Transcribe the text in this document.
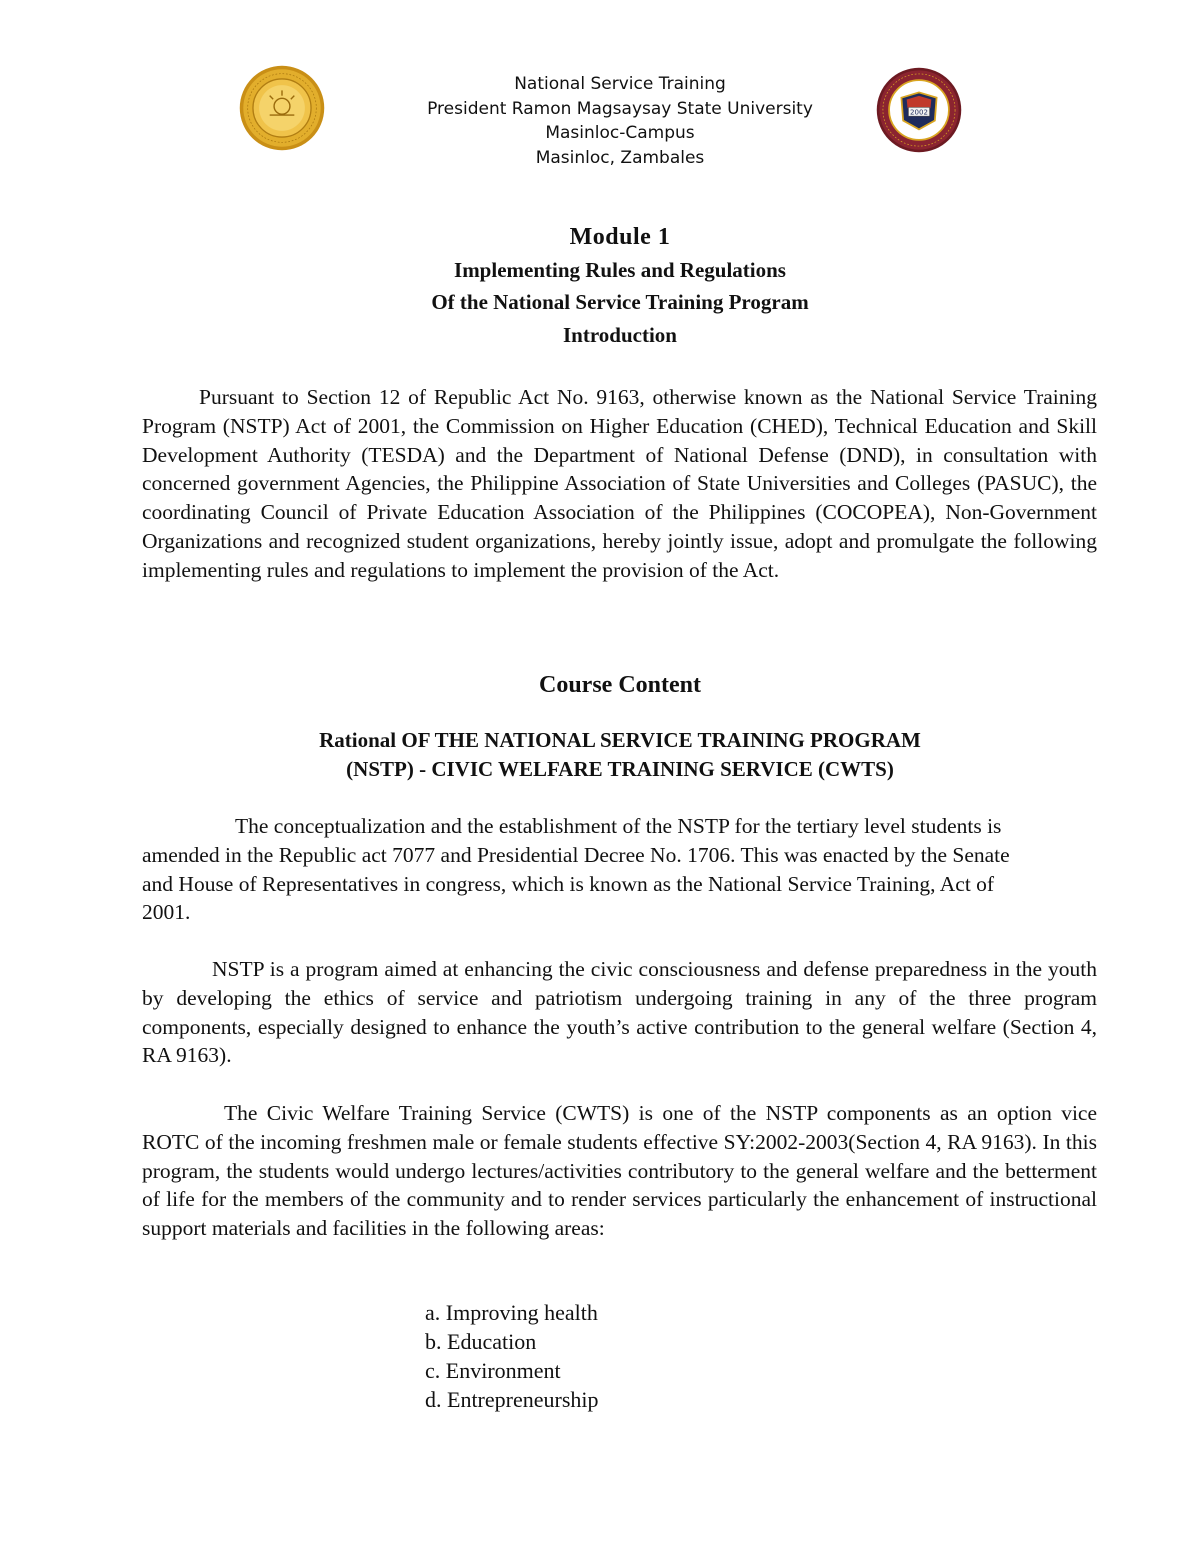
2002
National Service Training
President Ramon Magsaysay State University
Masinloc-Campus
Masinloc, Zambales
Module 1
Implementing Rules and Regulations
Of the National Service Training Program
Introduction

Pursuant to Section 12 of Republic Act No. 9163, otherwise known as the National Service Training Program (NSTP) Act of 2001, the Commission on Higher Education (CHED), Technical Education and Skill Development Authority (TESDA) and the Department of National Defense (DND), in consultation with concerned government Agencies, the Philippine Association of State Universities and Colleges (PASUC), the coordinating Council of Private Education Association of the Philippines (COCOPEA), Non-Government Organizations and recognized student organizations, hereby jointly issue, adopt and promulgate the following implementing rules and regulations to implement the provision of the Act.

Course Content
Rational OF THE NATIONAL SERVICE TRAINING PROGRAM
(NSTP) - CIVIC WELFARE TRAINING SERVICE (CWTS)

The conceptualization and the establishment of the NSTP for the tertiary level students is amended in the Republic act 7077 and Presidential Decree No. 1706. This was enacted by the Senate and House of Representatives in congress, which is known as the National Service Training, Act of 2001.

NSTP is a program aimed at enhancing the civic consciousness and defense preparedness in the youth by developing the ethics of service and patriotism undergoing training in any of the three program components, especially designed to enhance the youth’s active contribution to the general welfare (Section 4, RA 9163).

The Civic Welfare Training Service (CWTS) is one of the NSTP components as an option vice ROTC of the incoming freshmen male or female students effective SY:2002-2003(Section 4, RA 9163). In this program, the students would undergo lectures/activities contributory to the general welfare and the betterment of life for the members of the community and to render services particularly the enhancement of instructional support materials and facilities in the following areas:

a. Improving health
b. Education
c. Environment
d. Entrepreneurship
